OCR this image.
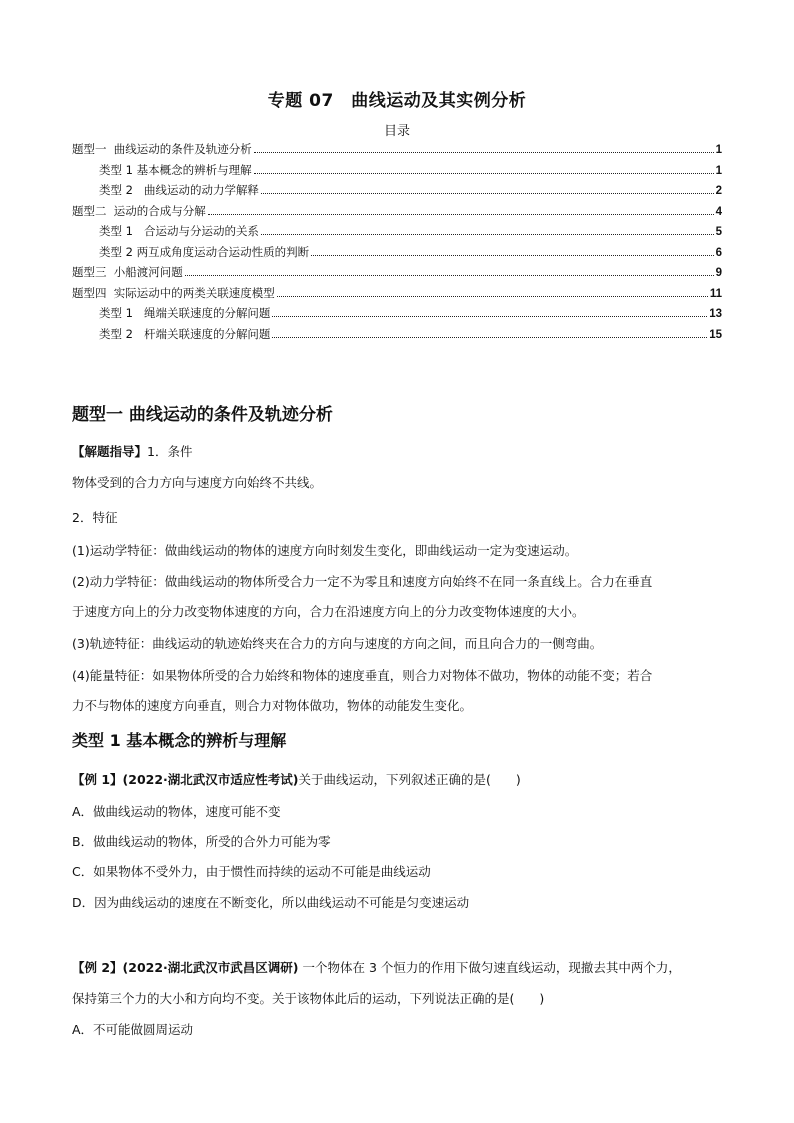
专题 07　曲线运动及其实例分析
目录
题型一  曲线运动的条件及轨迹分析	1
类型 1 基本概念的辨析与理解	1
类型 2   曲线运动的动力学解释	2
题型二  运动的合成与分解	4
类型 1   合运动与分运动的关系	5
类型 2 两互成角度运动合运动性质的判断	6
题型三  小船渡河问题	9
题型四  实际运动中的两类关联速度模型	11
类型 1   绳端关联速度的分解问题	13
类型 2   杆端关联速度的分解问题	15
题型一 曲线运动的条件及轨迹分析
【解题指导】1．条件
物体受到的合力方向与速度方向始终不共线。
2．特征
(1)运动学特征：做曲线运动的物体的速度方向时刻发生变化，即曲线运动一定为变速运动。
(2)动力学特征：做曲线运动的物体所受合力一定不为零且和速度方向始终不在同一条直线上。合力在垂直
于速度方向上的分力改变物体速度的方向，合力在沿速度方向上的分力改变物体速度的大小。
(3)轨迹特征：曲线运动的轨迹始终夹在合力的方向与速度的方向之间，而且向合力的一侧弯曲。
(4)能量特征：如果物体所受的合力始终和物体的速度垂直，则合力对物体不做功，物体的动能不变；若合
力不与物体的速度方向垂直，则合力对物体做功，物体的动能发生变化。
类型 1 基本概念的辨析与理解
【例 1】(2022·湖北武汉市适应性考试)关于曲线运动，下列叙述正确的是(　　)
A．做曲线运动的物体，速度可能不变
B．做曲线运动的物体，所受的合外力可能为零
C．如果物体不受外力，由于惯性而持续的运动不可能是曲线运动
D．因为曲线运动的速度在不断变化，所以曲线运动不可能是匀变速运动
【例 2】(2022·湖北武汉市武昌区调研) 一个物体在 3 个恒力的作用下做匀速直线运动，现撤去其中两个力，
保持第三个力的大小和方向均不变。关于该物体此后的运动，下列说法正确的是(　　)
A．不可能做圆周运动
